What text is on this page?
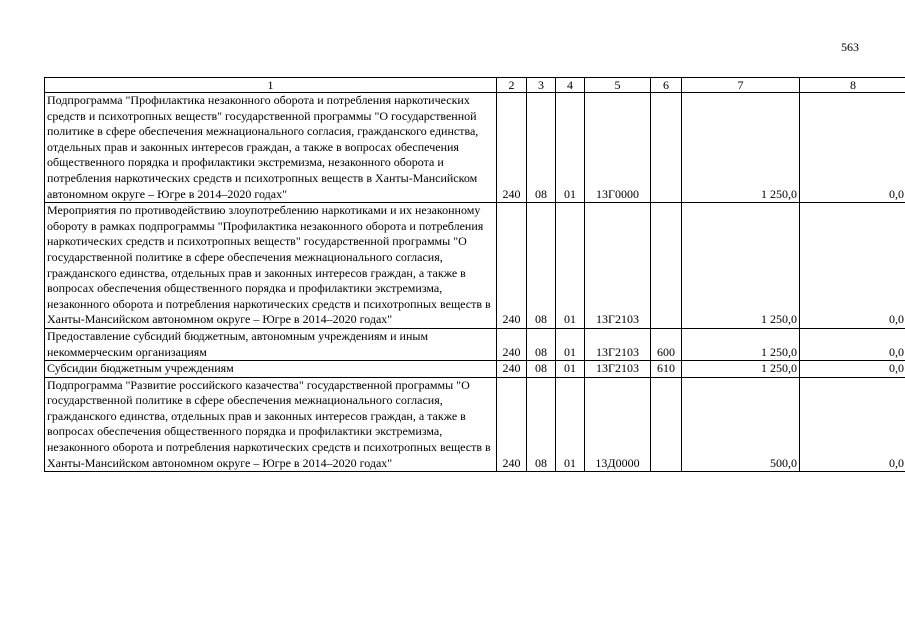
563
1	2	3	4	5	6	7	8
Подпрограмма "Профилактика незаконного оборота и потребления наркотических средств и психотропных веществ" государственной программы "О государственной политике в сфере обеспечения межнационального согласия, гражданского единства, отдельных прав и законных интересов граждан, а также в вопросах обеспечения общественного порядка и профилактики экстремизма, незаконного оборота и потребления наркотических средств и психотропных веществ в Ханты-Мансийском автономном округе – Югре в 2014–2020 годах"	240	08	01	13Г0000		1 250,0	0,0
Мероприятия по противодействию злоупотреблению наркотиками и их незаконному обороту в рамках подпрограммы "Профилактика незаконного оборота и потребления наркотических средств и психотропных веществ" государственной программы "О государственной политике в сфере обеспечения межнационального согласия, гражданского единства, отдельных прав и законных интересов граждан, а также в вопросах обеспечения общественного порядка и профилактики экстремизма, незаконного оборота и потребления наркотических средств и психотропных веществ в Ханты-Мансийском автономном округе – Югре в 2014–2020 годах"	240	08	01	13Г2103		1 250,0	0,0
Предоставление субсидий бюджетным, автономным учреждениям и иным некоммерческим организациям	240	08	01	13Г2103	600	1 250,0	0,0
Субсидии бюджетным учреждениям	240	08	01	13Г2103	610	1 250,0	0,0
Подпрограмма "Развитие российского казачества" государственной программы "О государственной политике в сфере обеспечения межнационального согласия, гражданского единства, отдельных прав и законных интересов граждан, а также в вопросах обеспечения общественного порядка и профилактики экстремизма, незаконного оборота и потребления наркотических средств и психотропных веществ в Ханты-Мансийском автономном округе – Югре в 2014–2020 годах"	240	08	01	13Д0000		500,0	0,0
